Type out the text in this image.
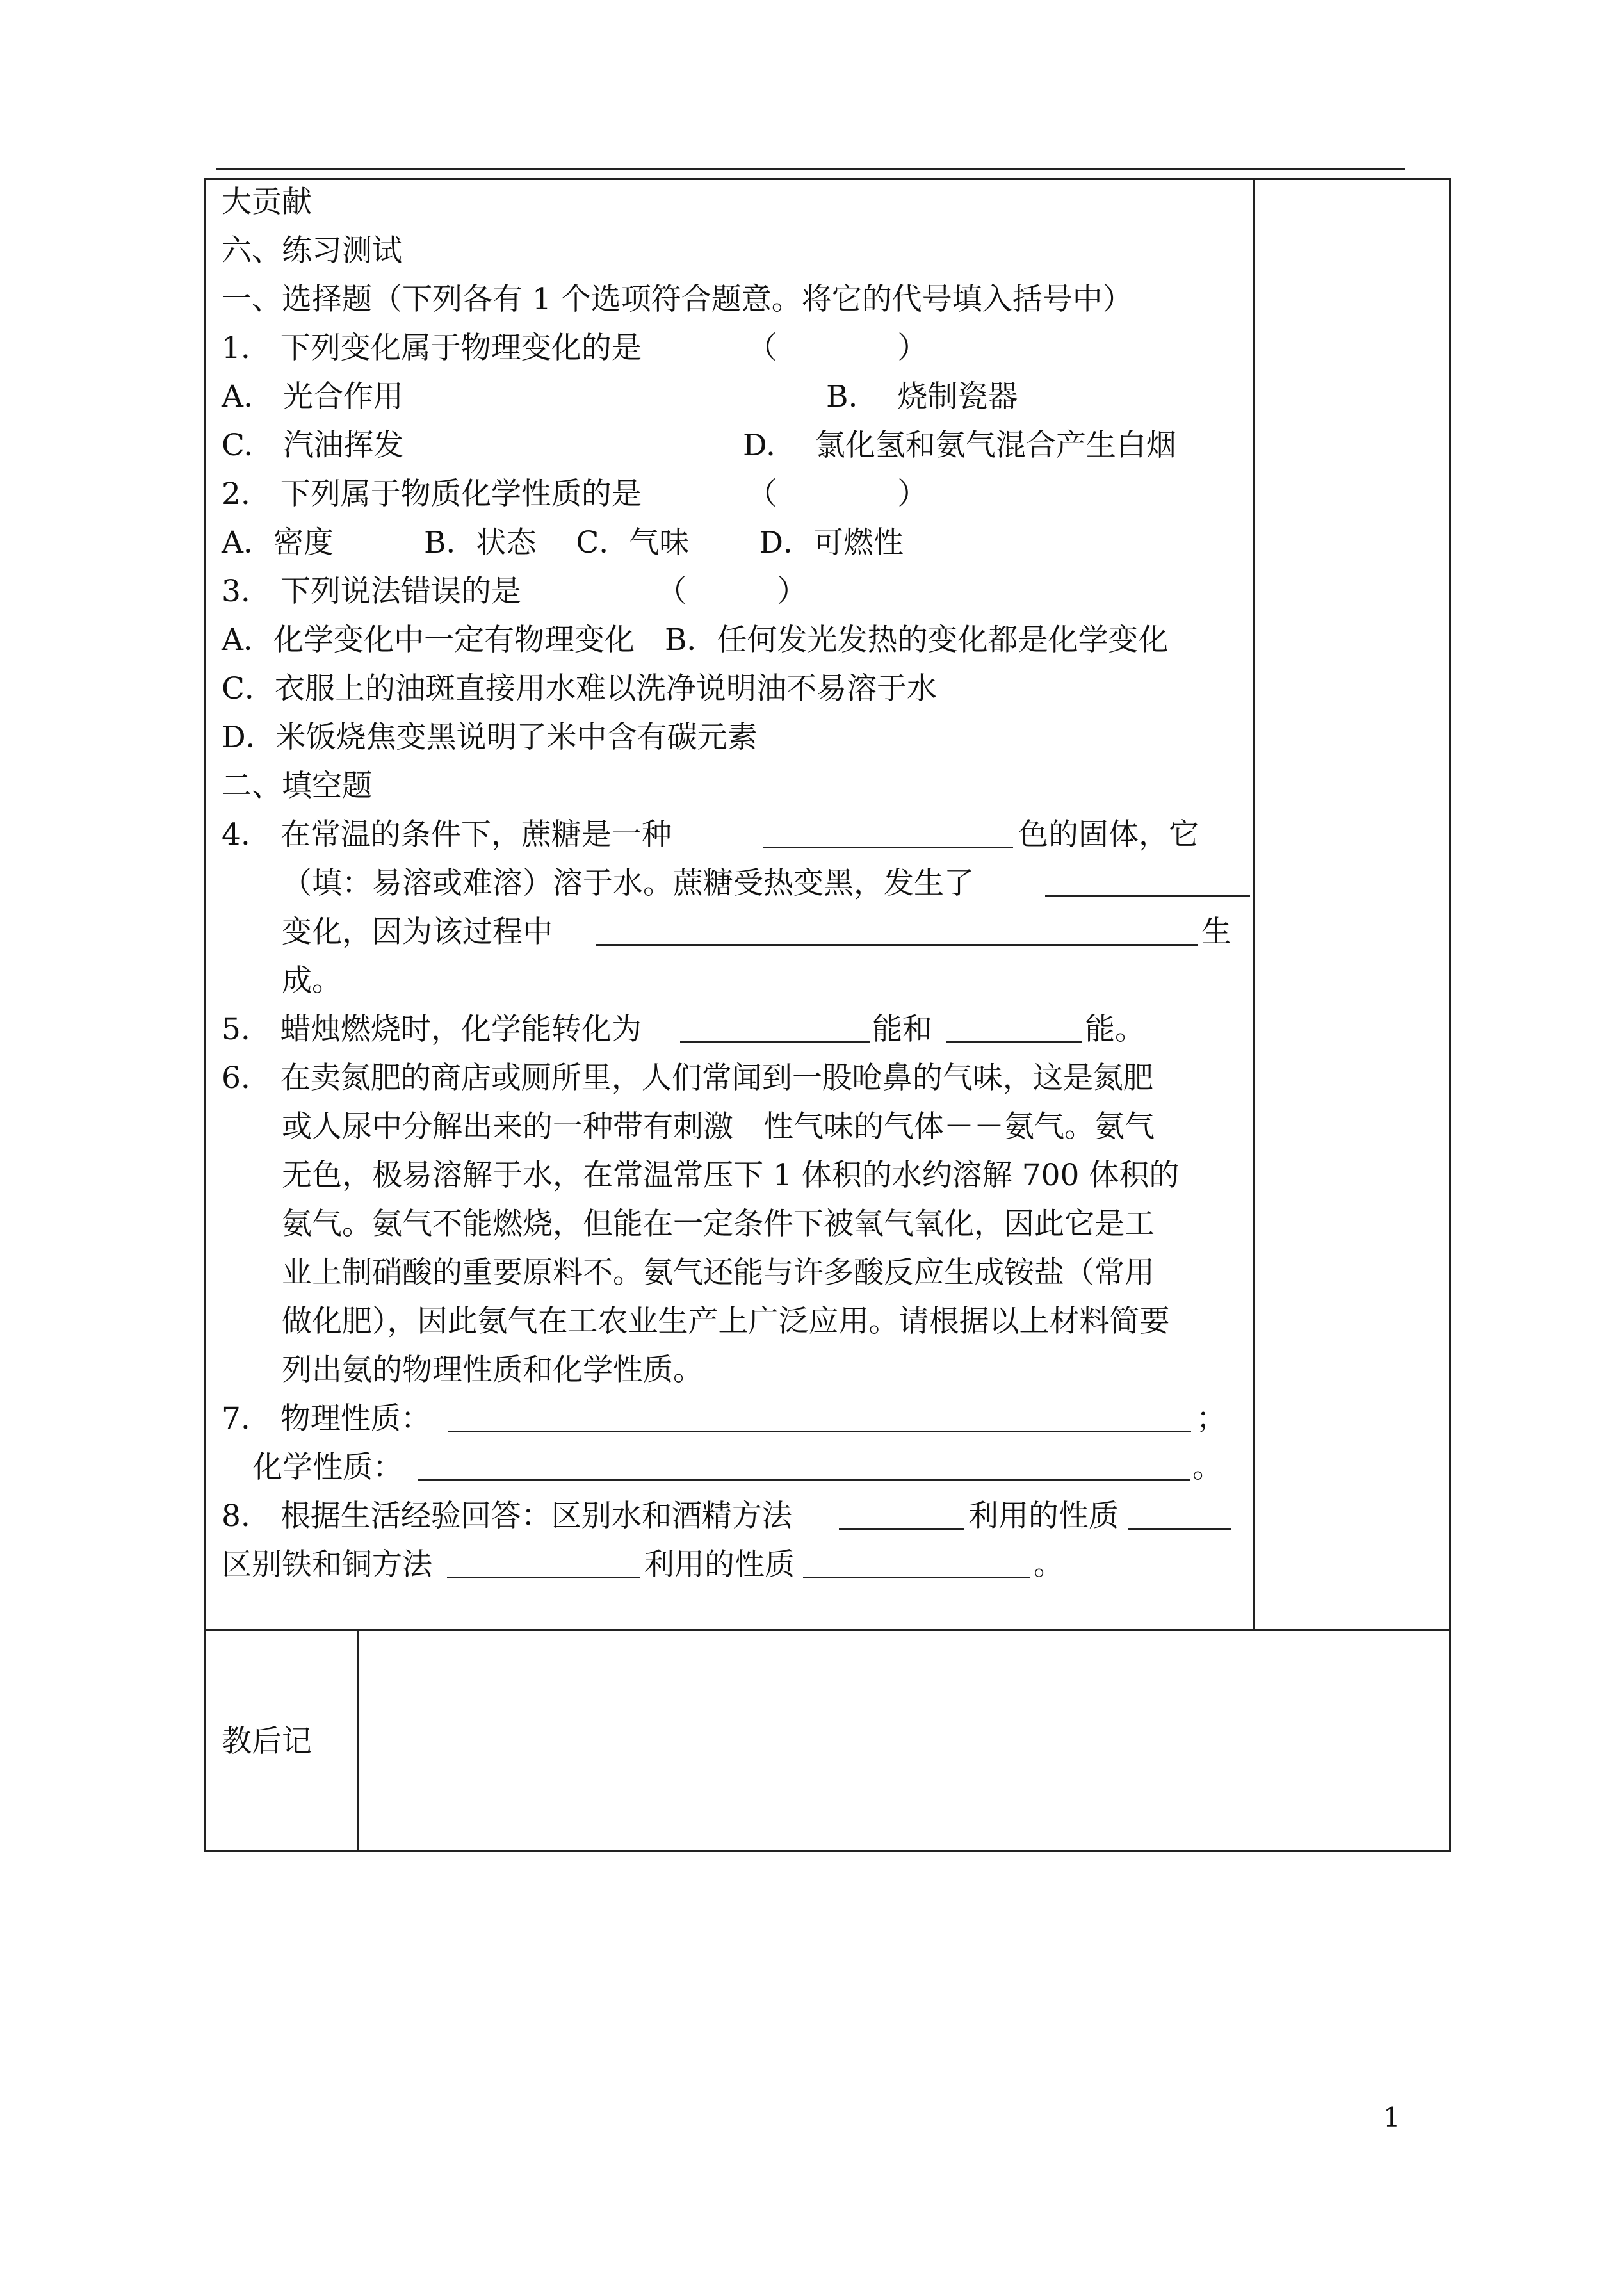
大贡献
六、练习测试
一、选择题（下列各有 1 个选项符合题意。将它的代号填入括号中）
1.　下列变化属于物理变化的是　　　　（　　　　）
A.　光合作用	B.　 烧制瓷器
C.　汽油挥发	D.　 氯化氢和氨气混合产生白烟
2.　下列属于物质化学性质的是　　　　（　　　　）
A．密度　　　B．状态　 C．气味　　 D．可燃性
3.　下列说法错误的是　　　　　（　　　）
A．化学变化中一定有物理变化　B．任何发光发热的变化都是化学变化
C．衣服上的油斑直接用水难以洗净说明油不易溶于水
D．米饭烧焦变黑说明了米中含有碳元素
二、填空题
4.　在常温的条件下，蔗糖是一种	色的固体，它
（填：易溶或难溶）溶于水。蔗糖受热变黑，发生了
变化，因为该过程中	生
成。
5.　蜡烛燃烧时，化学能转化为	能和	能。
6.　在卖氮肥的商店或厕所里，人们常闻到一股呛鼻的气味，这是氮肥
或人尿中分解出来的一种带有刺激　性气味的气体－－氨气。氨气
无色，极易溶解于水，在常温常压下 1 体积的水约溶解 700 体积的
氨气。氨气不能燃烧，但能在一定条件下被氧气氧化，因此它是工
业上制硝酸的重要原料不。氨气还能与许多酸反应生成铵盐（常用
做化肥），因此氨气在工农业生产上广泛应用。请根据以上材料简要
列出氨的物理性质和化学性质。
7.　物理性质：	；
化学性质：	。
8.　根据生活经验回答：区别水和酒精方法	利用的性质
区别铁和铜方法	利用的性质	。
教后记
1
